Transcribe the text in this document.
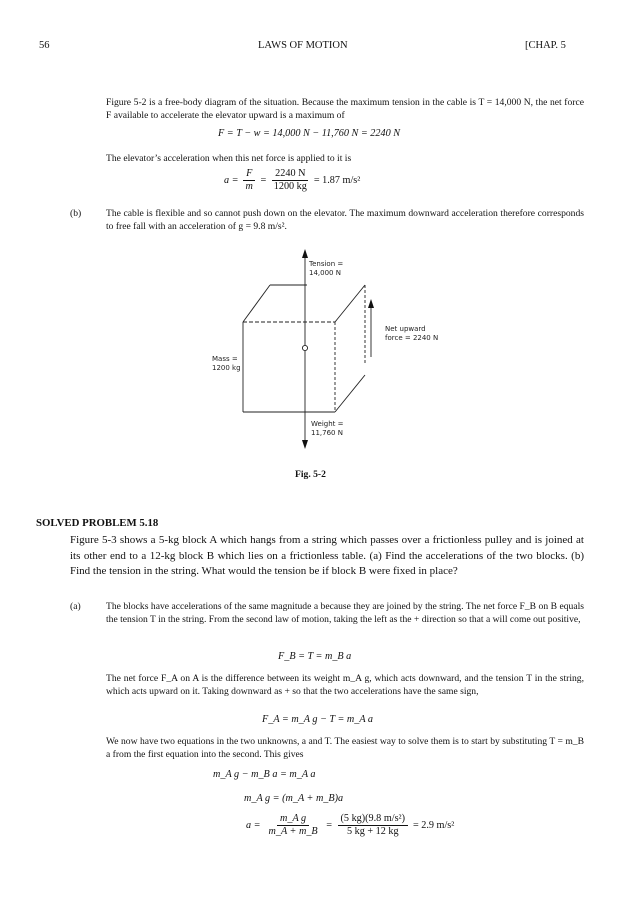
56	LAWS OF MOTION	[CHAP. 5
Figure 5-2 is a free-body diagram of the situation. Because the maximum tension in the cable is T = 14,000 N, the net force F available to accelerate the elevator upward is a maximum of
F = T − w = 14,000 N − 11,760 N = 2240 N
The elevator’s acceleration when this net force is applied to it is
$a = \frac{F}{m} = \frac{2240 N}{1200 kg} = 1.87$ m/s²
(b)	The cable is flexible and so cannot push down on the elevator. The maximum downward acceleration therefore corresponds to free fall with an acceleration of g = 9.8 m/s².
Tension =
14,000 N
Net upward
force = 2240 N
Mass =
1200 kg
Weight =
11,760 N
Fig. 5-2
SOLVED PROBLEM 5.18
Figure 5-3 shows a 5-kg block A which hangs from a string which passes over a frictionless pulley and is joined at its other end to a 12-kg block B which lies on a frictionless table. (a) Find the accelerations of the two blocks. (b) Find the tension in the string. What would the tension be if block B were fixed in place?
(a)	The blocks have accelerations of the same magnitude a because they are joined by the string. The net force F_B on B equals the tension T in the string. From the second law of motion, taking the left as the + direction so that a will come out positive,
F_B = T = m_B a
The net force F_A on A is the difference between its weight m_A g, which acts downward, and the tension T in the string, which acts upward on it. Taking downward as + so that the two accelerations have the same sign,
F_A = m_A g − T = m_A a
We now have two equations in the two unknowns, a and T. The easiest way to solve them is to start by substituting T = m_B a from the first equation into the second. This gives
m_A g − m_B a = m_A a
m_A g = (m_A + m_B)a
$a = \frac{\text{m\_A g}}{m\_A + m\_B} = \frac{\text{(5 kg)(9.8 m/s²)}}{5 kg + 12 kg} = 2.9$ m/s²
